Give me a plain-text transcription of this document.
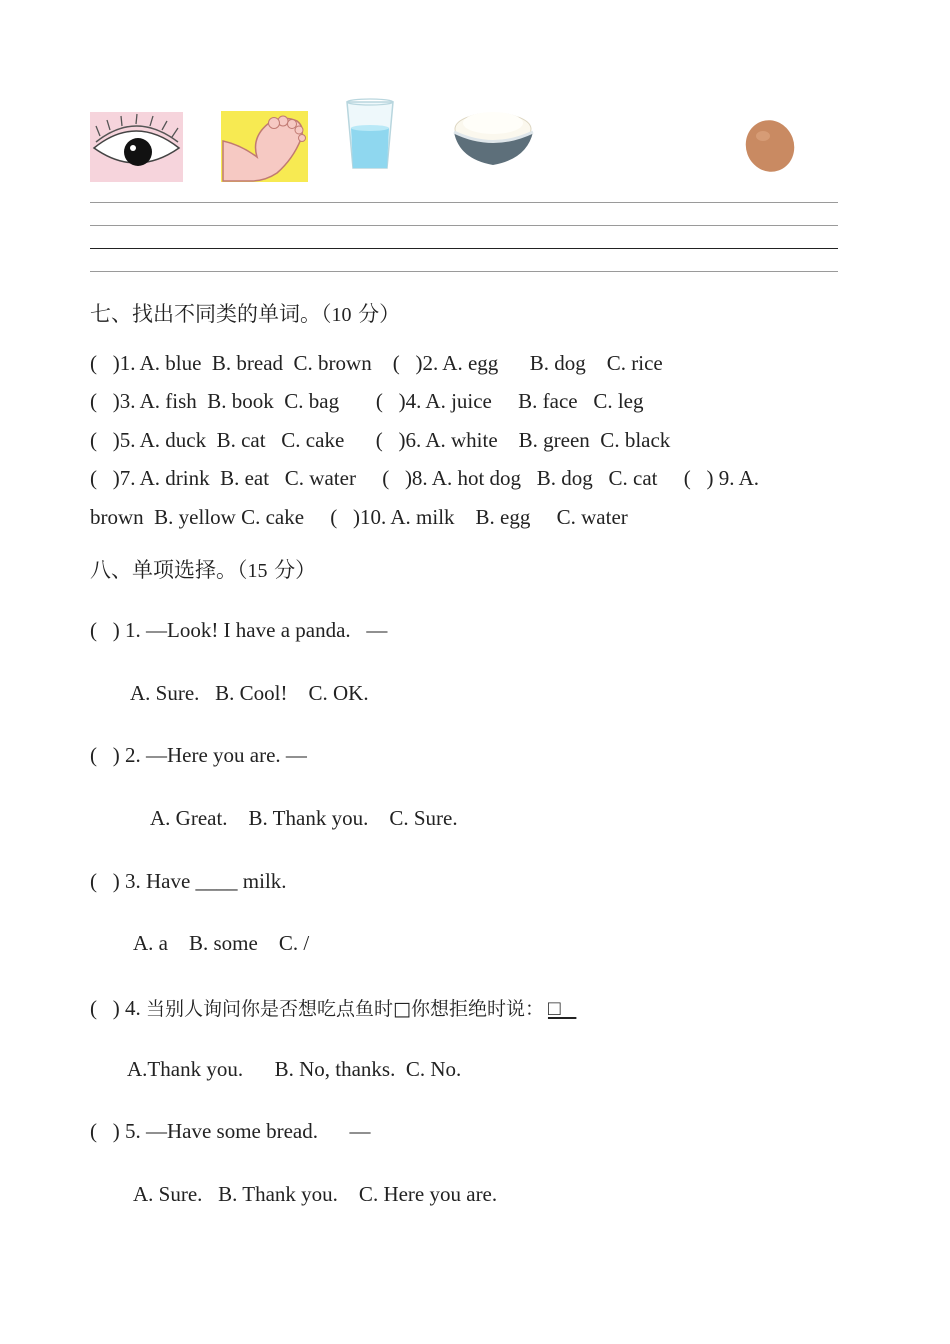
七、找出不同类的单词。（10 分）
(   )1. A. blue  B. bread  C. brown    (   )2. A. egg      B. dog    C. rice
(   )3. A. fish  B. book  C. bag       (   )4. A. juice     B. face   C. leg
(   )5. A. duck  B. cat   C. cake      (   )6. A. white    B. green  C. black
(   )7. A. drink  B. eat   C. water     (   )8. A. hot dog   B. dog   C. cat     (   ) 9. A.
brown  B. yellow C. cake     (   )10. A. milk    B. egg     C. water
八、单项选择。（15 分）
(   ) 1. —Look! I have a panda.   —
A. Sure.   B. Cool!    C. OK.
(   ) 2. —Here you are. —
A. Great.    B. Thank you.    C. Sure.
(   ) 3. Have ____ milk.
A. a    B. some    C. /
(   ) 4. 当别人询问你是否想吃点鱼时□你想拒绝时说： □
A.Thank you.      B. No, thanks.  C. No.
(   ) 5. —Have some bread.      —
A. Sure.   B. Thank you.    C. Here you are.
